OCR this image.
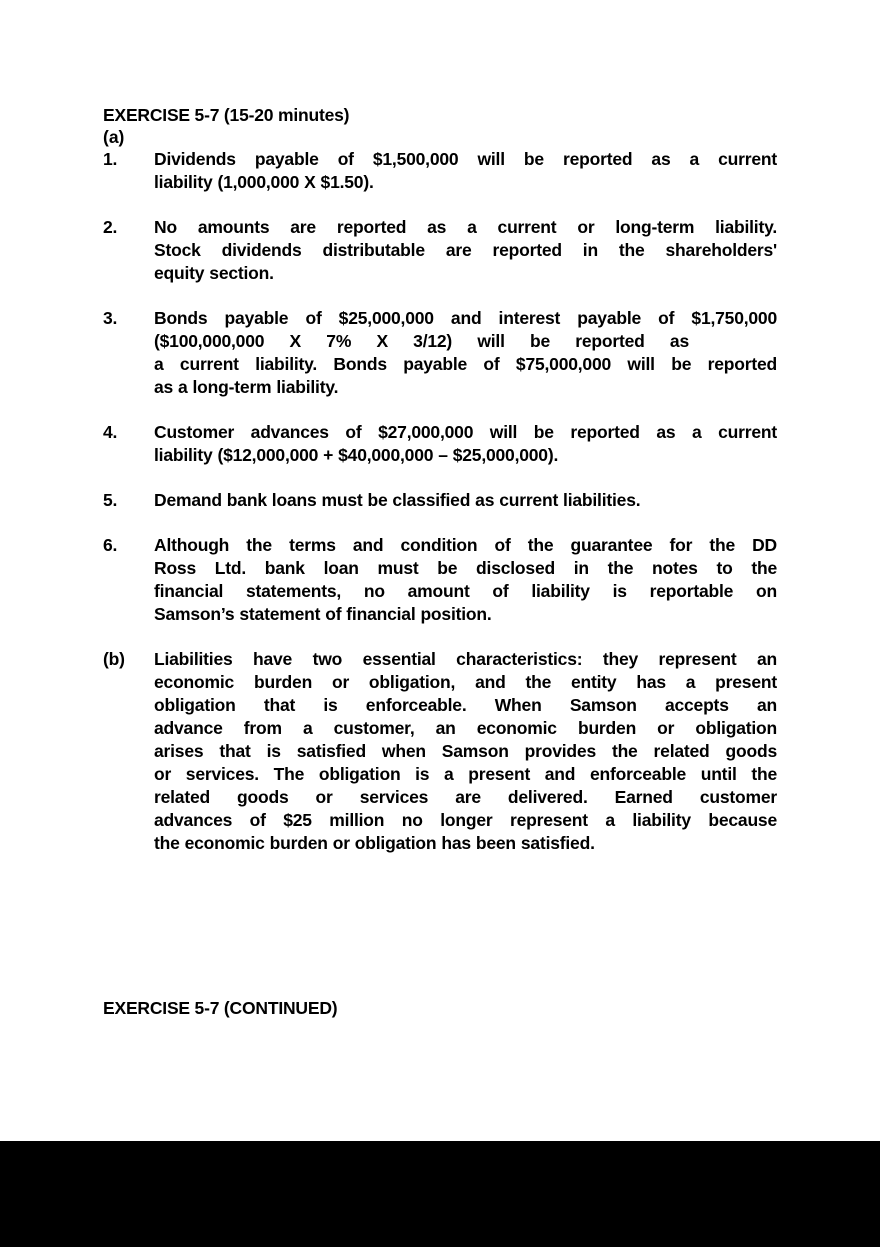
EXERCISE 5-7 (15-20 minutes)
(a)
1.	Dividends payable of $1,500,000 will be reported as a current
liability (1,000,000 X $1.50).
2.	No amounts are reported as a current or long-term liability.
Stock dividends distributable are reported in the shareholders'
equity section.
3.	Bonds payable of $25,000,000 and interest payable of $1,750,000
($100,000,000 X 7% X 3/12) will be reported as
a current liability. Bonds payable of $75,000,000 will be reported
as a long-term liability.
4.	Customer advances of $27,000,000 will be reported as a current
liability ($12,000,000 + $40,000,000 – $25,000,000).
5.	Demand bank loans must be classified as current liabilities.
6.	Although the terms and condition of the guarantee for the DD
Ross Ltd. bank loan must be disclosed in the notes to the
financial statements, no amount of liability is reportable on
Samson’s statement of financial position.
(b)	Liabilities have two essential characteristics: they represent an
economic burden or obligation, and the entity has a present
obligation that is enforceable. When Samson accepts an
advance from a customer, an economic burden or obligation
arises that is satisfied when Samson provides the related goods
or services. The obligation is a present and enforceable until the
related goods or services are delivered. Earned customer
advances of $25 million no longer represent a liability because
the economic burden or obligation has been satisfied.
EXERCISE 5-7 (CONTINUED)
